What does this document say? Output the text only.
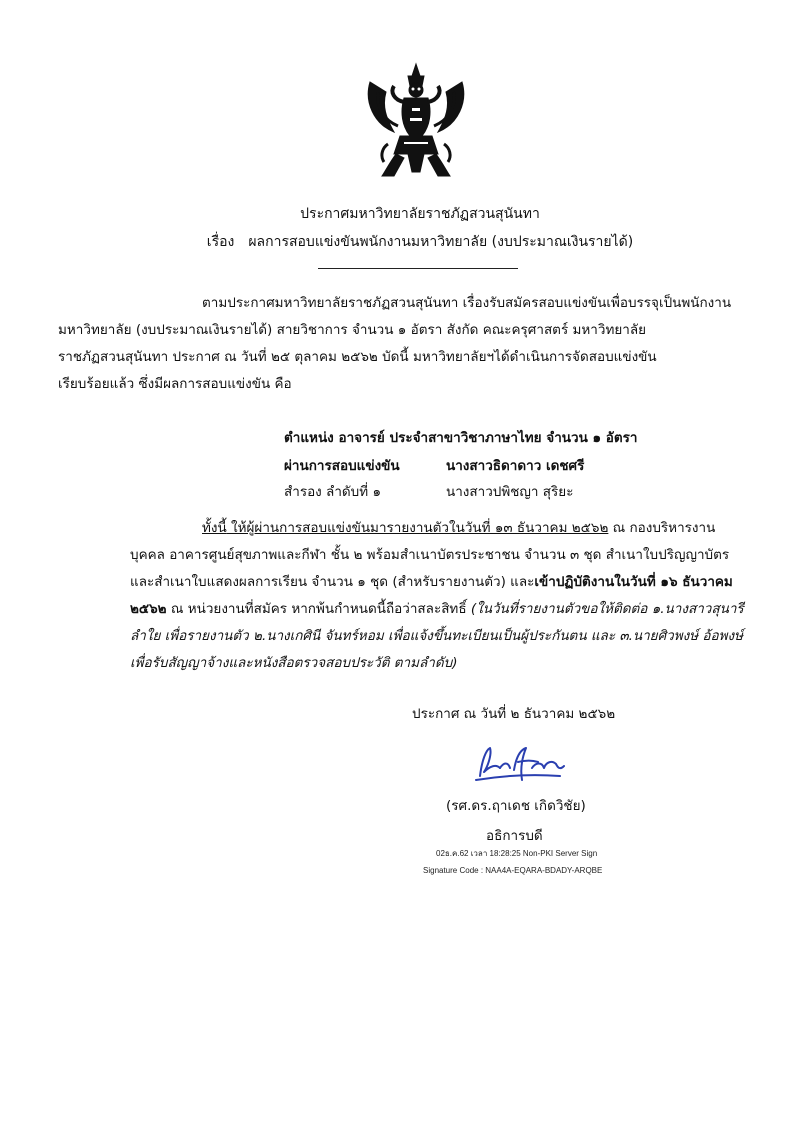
ประกาศมหาวิทยาลัยราชภัฏสวนสุนันทา
เรื่อง ผลการสอบแข่งขันพนักงานมหาวิทยาลัย (งบประมาณเงินรายได้)
ตามประกาศมหาวิทยาลัยราชภัฏสวนสุนันทา เรื่องรับสมัครสอบแข่งขันเพื่อบรรจุเป็นพนักงาน
มหาวิทยาลัย (งบประมาณเงินรายได้) สายวิชาการ จำนวน ๑ อัตรา สังกัด คณะครุศาสตร์ มหาวิทยาลัย
ราชภัฏสวนสุนันทา ประกาศ ณ วันที่ ๒๕ ตุลาคม ๒๕๖๒ บัดนี้ มหาวิทยาลัยฯได้ดำเนินการจัดสอบแข่งขัน
เรียบร้อยแล้ว ซึ่งมีผลการสอบแข่งขัน คือ
ตำแหน่ง อาจารย์ ประจำสาขาวิชาภาษาไทย จำนวน ๑ อัตรา
ผ่านการสอบแข่งขัน	นางสาวธิดาดาว เดชศรี
สำรอง ลำดับที่ ๑	นางสาวปพิชญา สุริยะ
ทั้งนี้ ให้ผู้ผ่านการสอบแข่งขันมารายงานตัวในวันที่ ๑๓ ธันวาคม ๒๕๖๒ ณ กองบริหารงาน
บุคคล อาคารศูนย์สุขภาพและกีฬา ชั้น ๒ พร้อมสำเนาบัตรประชาชน จำนวน ๓ ชุด สำเนาใบปริญญาบัตร
และสำเนาใบแสดงผลการเรียน จำนวน ๑ ชุด (สำหรับรายงานตัว) และเข้าปฏิบัติงานในวันที่ ๑๖ ธันวาคม
๒๕๖๒ ณ หน่วยงานที่สมัคร หากพ้นกำหนดนี้ถือว่าสละสิทธิ์ (ในวันที่รายงานตัวขอให้ติดต่อ ๑.นางสาวสุนารี
ลำใย เพื่อรายงานตัว ๒.นางเกศินี จันทร์หอม เพื่อแจ้งขึ้นทะเบียนเป็นผู้ประกันตน และ ๓.นายศิวพงษ์ อ้อพงษ์
เพื่อรับสัญญาจ้างและหนังสือตรวจสอบประวัติ ตามลำดับ)
ประกาศ ณ วันที่ ๒ ธันวาคม ๒๕๖๒
(รศ.ดร.ฤาเดช เกิดวิชัย)
อธิการบดี
02ธ.ค.62 เวลา 18:28:25 Non-PKI Server Sign
Signature Code : NAA4A-EQARA-BDADY-ARQBE
